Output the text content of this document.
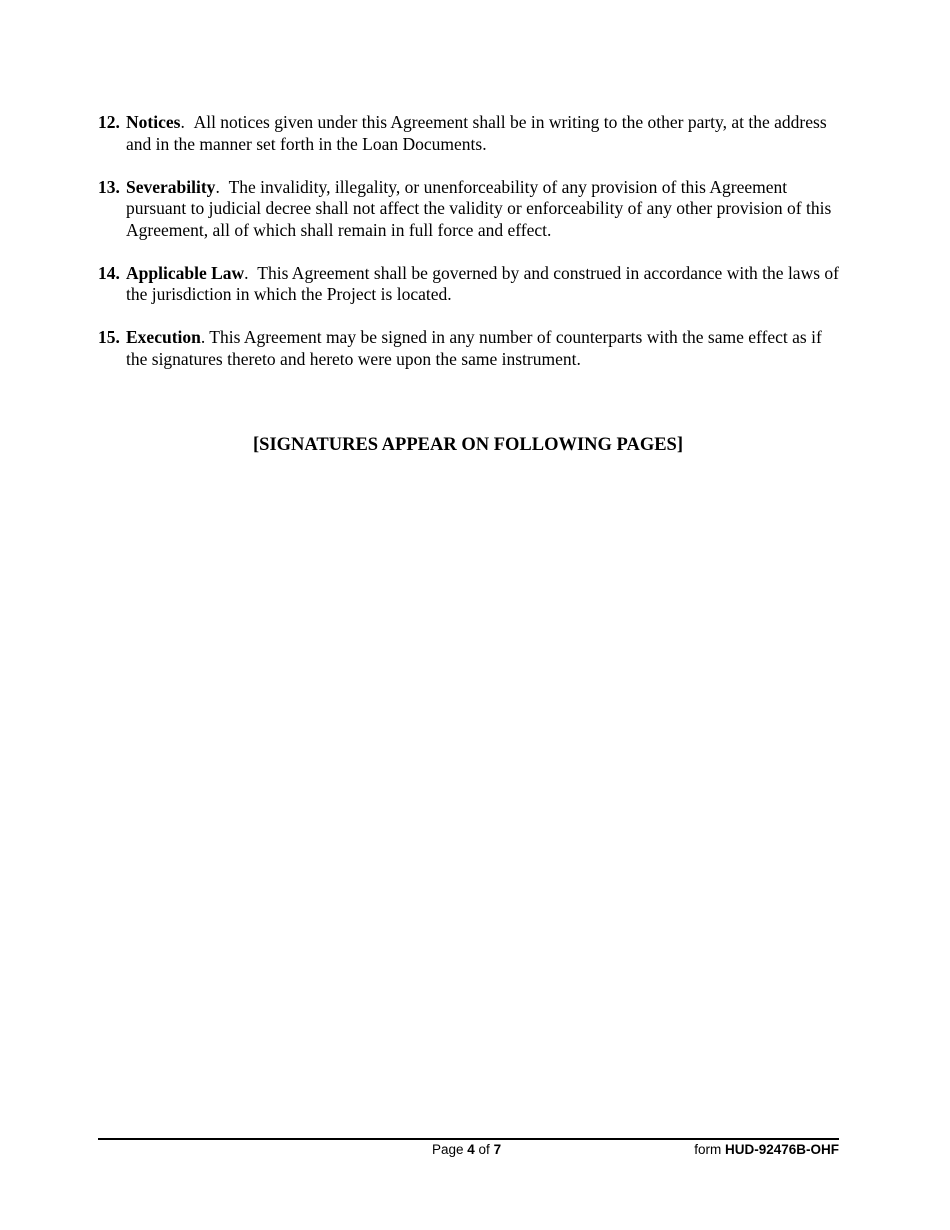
12. Notices.  All notices given under this Agreement shall be in writing to the other party, at the address and in the manner set forth in the Loan Documents.
13. Severability.  The invalidity, illegality, or unenforceability of any provision of this Agreement pursuant to judicial decree shall not affect the validity or enforceability of any other provision of this Agreement, all of which shall remain in full force and effect.
14. Applicable Law.  This Agreement shall be governed by and construed in accordance with the laws of the jurisdiction in which the Project is located.
15. Execution. This Agreement may be signed in any number of counterparts with the same effect as if the signatures thereto and hereto were upon the same instrument.
[SIGNATURES APPEAR ON FOLLOWING PAGES]
Page 4 of 7	form HUD-92476B-OHF
